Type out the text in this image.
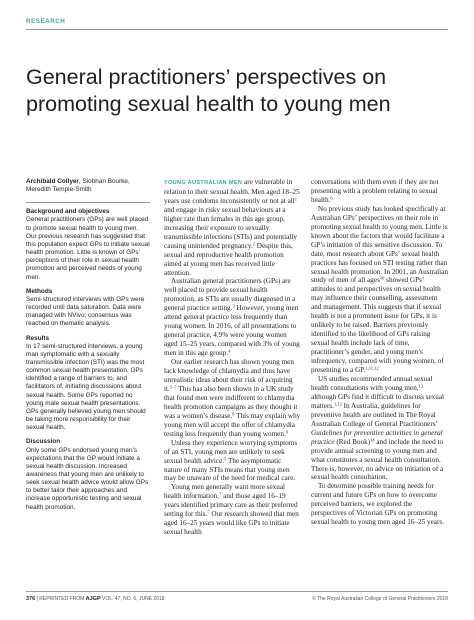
RESEARCH
General practitioners’ perspectives on promoting sexual health to young men

Archibald Collyer, Siobhan Bourke, Meredith Temple-Smith

Background and objectives

General practitioners (GPs) are well placed to promote sexual health to young men. Our previous research has suggested that this population expect GPs to initiate sexual health promotion. Little is known of GPs’ perceptions of their role in sexual health promotion and perceived needs of young men.

Methods

Semi-structured interviews with GPs were recorded until data saturation. Data were managed with NVivo; consensus was reached on thematic analysis.

Results

In 17 semi-structured interviews, a young man symptomatic with a sexually transmissible infection (STI) was the most common sexual health presentation. GPs identified a range of barriers to, and facilitators of, initiating discussions about sexual health. Some GPs reported no young male sexual health presentations. GPs generally believed young men should be taking more responsibility for their sexual health.

Discussion

Only some GPs endorsed young men’s expectations that the GP would initiate a sexual health discussion. Increased awareness that young men are unlikely to seek sexual health advice would allow GPs to better tailor their approaches and increase opportunistic testing and sexual health promotion.

YOUNG AUSTRALIAN MEN are vulnerable in relation to their sexual health. Men aged 18–25 years use condoms inconsistently or not at all$^1$ and engage in risky sexual behaviours at a higher rate than females in this age group, increasing their exposure to sexually transmissible infections (STIs) and potentially causing unintended pregnancy.$^2$ Despite this, sexual and reproductive health promotion aimed at young men has received little attention.

Australian general practitioners (GPs) are well placed to provide sexual health promotion, as STIs are usually diagnosed in a general practice setting.$^3$ However, young men attend general practice less frequently than young women. In 2016, of all presentations to general practice, 4.9% were young women aged 15–25 years, compared with 3% of young men in this age group.$^4$

Our earlier research has shown young men lack knowledge of chlamydia and thus have unrealistic ideas about their risk of acquiring it.$^{5-7}$ This has also been shown in a UK study that found men were indifferent to chlamydia health promotion campaigns as they thought it was a women’s disease.$^8$ This may explain why young men will accept the offer of chlamydia testing less frequently than young women.$^9$

Unless they experience worrying symptoms of an STI, young men are unlikely to seek sexual health advice.$^5$ The asymptomatic nature of many STIs means that young men may be unaware of the need for medical care.

Young men generally want more sexual health information,$^7$ and those aged 16–19 years identified primary care as their preferred setting for this.$^7$ Our research showed that men aged 16–25 years would like GPs to initiate sexual health

conversations with them even if they are not presenting with a problem relating to sexual health.$^6$

No previous study has looked specifically at Australian GPs’ perspectives on their role in promoting sexual health to young men. Little is known about the factors that would facilitate a GP’s initiation of this sensitive discussion. To date, most research about GPs’ sexual health practices has focused on STI testing rather than sexual health promotion. In 2001, an Australian study of men of all ages$^{10}$ showed GPs’ attitudes to and perspectives on sexual health may influence their counselling, assessment and management. This suggests that if sexual health is not a prominent issue for GPs, it is unlikely to be raised. Barriers previously identified to the likelihood of GPs raising sexual health include lack of time, practitioner’s gender, and young men’s infrequency, compared with young women, of presenting to a GP.$^{1,11,12}$

US studies recommended annual sexual health consultations with young men,$^{13}$ although GPs find it difficult to discuss sexual matters.$^{1,12}$ In Australia, guidelines for preventive health are outlined in The Royal Australian College of General Practitioners’ Guidelines for preventive activities in general practice (Red Book)$^{14}$ and include the need to provide annual screening to young men and what constitutes a sexual health consultation. There is, however, no advice on initiation of a sexual health consultation.

To determine possible training needs for current and future GPs on how to overcome perceived barriers, we explored the perspectives of Victorian GPs on promoting sexual health to young men aged 16–25 years.

376 | REPRINTED FROM AJGP VOL. 47, NO. 6, JUNE 2018	© The Royal Australian College of General Practitioners 2018
